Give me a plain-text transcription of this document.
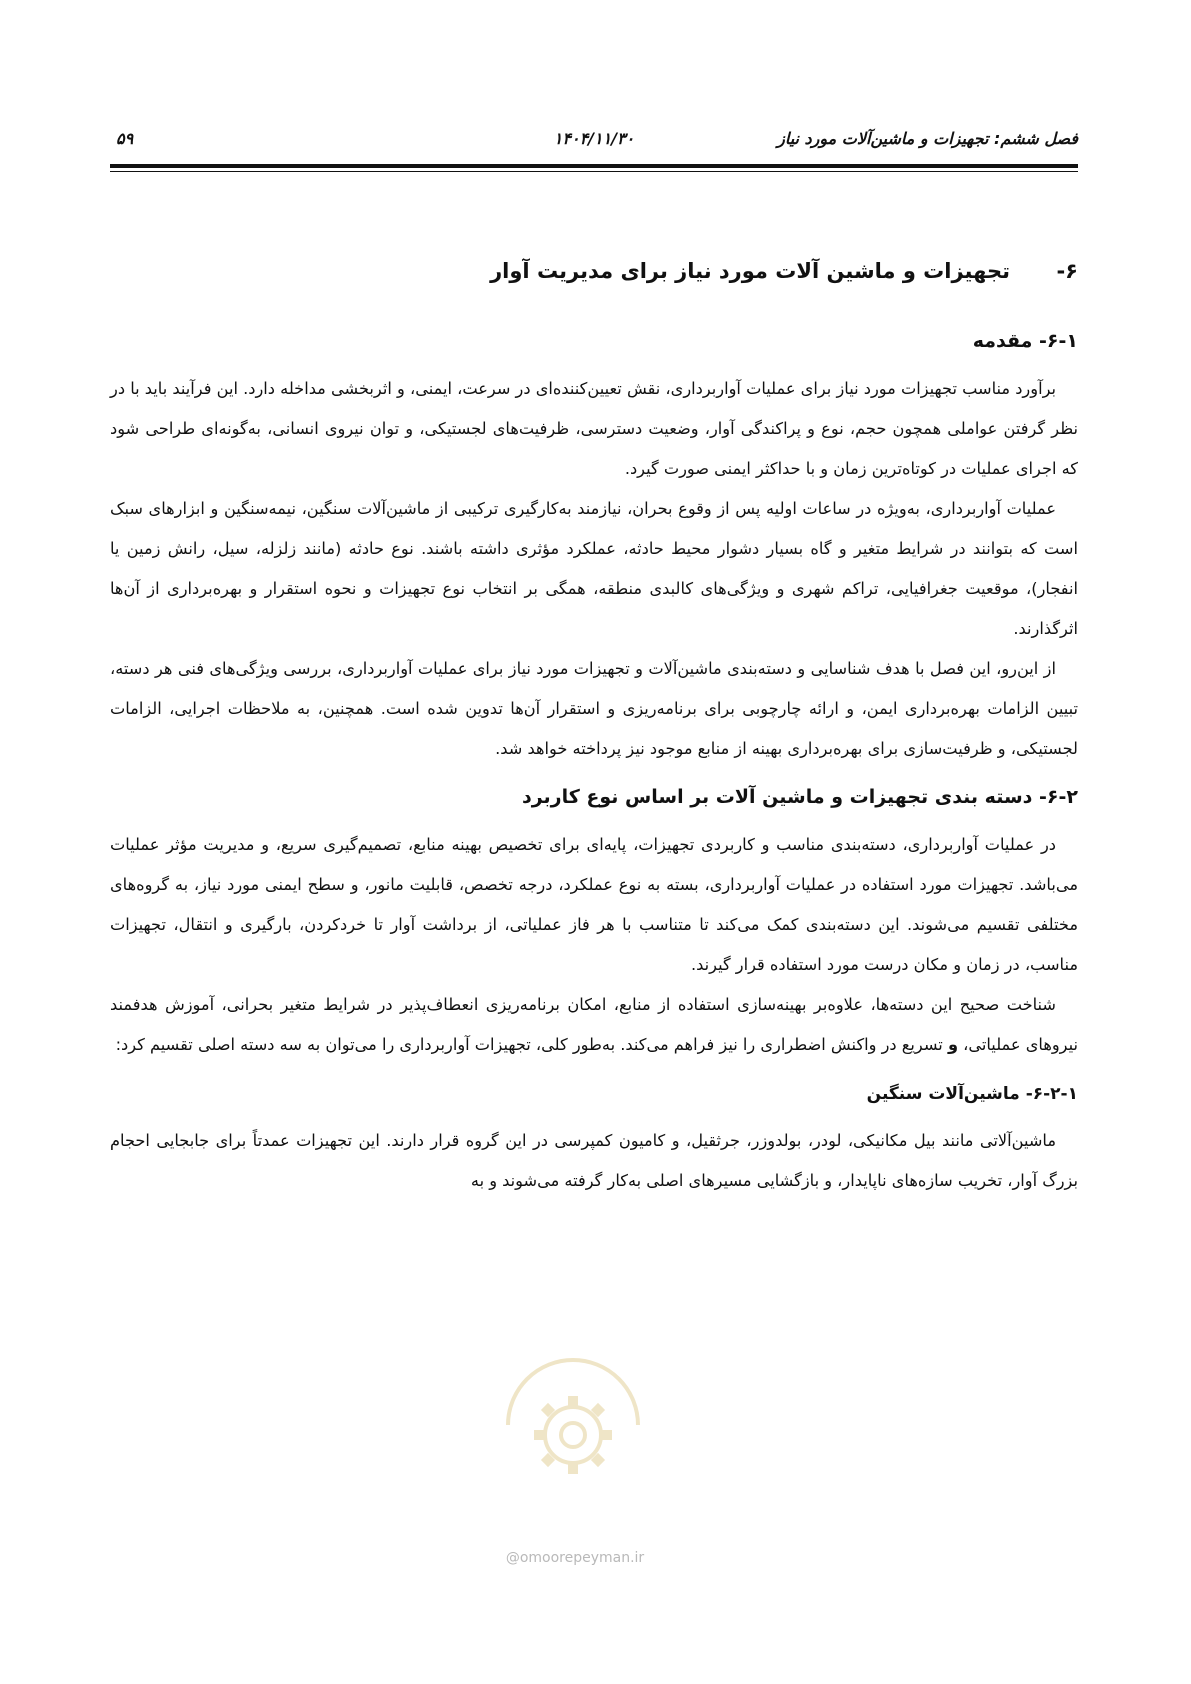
فصل ششم: تجهیزات و ماشین‌آلات مورد نیاز
۱۴۰۴/۱۱/۳۰
۵۹
۶-تجهیزات و ماشین آلات مورد نیاز برای مدیریت آوار
۶-۱- مقدمه

برآورد مناسب تجهیزات مورد نیاز برای عملیات آواربرداری، نقش تعیین‌کننده‌ای در سرعت، ایمنی، و اثربخشی مداخله دارد. این فرآیند باید با در نظر گرفتن عواملی همچون حجم، نوع و پراکندگی آوار، وضعیت دسترسی، ظرفیت‌های لجستیکی، و توان نیروی انسانی، به‌گونه‌ای طراحی شود که اجرای عملیات در کوتاه‌ترین زمان و با حداکثر ایمنی صورت گیرد.

عملیات آواربرداری، به‌ویژه در ساعات اولیه پس از وقوع بحران، نیازمند به‌کارگیری ترکیبی از ماشین‌آلات سنگین، نیمه‌سنگین و ابزارهای سبک است که بتوانند در شرایط متغیر و گاه بسیار دشوار محیط حادثه، عملکرد مؤثری داشته باشند. نوع حادثه (مانند زلزله، سیل، رانش زمین یا انفجار)، موقعیت جغرافیایی، تراکم شهری و ویژگی‌های کالبدی منطقه، همگی بر انتخاب نوع تجهیزات و نحوه استقرار و بهره‌برداری از آن‌ها اثرگذارند.

از این‌رو، این فصل با هدف شناسایی و دسته‌بندی ماشین‌آلات و تجهیزات مورد نیاز برای عملیات آواربرداری، بررسی ویژگی‌های فنی هر دسته، تبیین الزامات بهره‌برداری ایمن، و ارائه چارچوبی برای برنامه‌ریزی و استقرار آن‌ها تدوین شده است. همچنین، به ملاحظات اجرایی، الزامات لجستیکی، و ظرفیت‌سازی برای بهره‌برداری بهینه از منابع موجود نیز پرداخته خواهد شد.

۶-۲- دسته بندی تجهیزات و ماشین آلات بر اساس نوع کاربرد

در عملیات آواربرداری، دسته‌بندی مناسب و کاربردی تجهیزات، پایه‌ای برای تخصیص بهینه منابع، تصمیم‌گیری سریع، و مدیریت مؤثر عملیات می‌باشد. تجهیزات مورد استفاده در عملیات آواربرداری، بسته به نوع عملکرد، درجه تخصص، قابلیت مانور، و سطح ایمنی مورد نیاز، به گروه‌های مختلفی تقسیم می‌شوند. این دسته‌بندی کمک می‌کند تا متناسب با هر فاز عملیاتی، از برداشت آوار تا خردکردن، بارگیری و انتقال، تجهیزات مناسب، در زمان و مکان درست مورد استفاده قرار گیرند.

شناخت صحیح این دسته‌ها، علاوه‌بر بهینه‌سازی استفاده از منابع، امکان برنامه‌ریزی انعطاف‌پذیر در شرایط متغیر بحرانی، آموزش هدفمند نیروهای عملیاتی، و تسریع در واکنش اضطراری را نیز فراهم می‌کند. به‌طور کلی، تجهیزات آواربرداری را می‌توان به سه دسته اصلی تقسیم کرد:

۶-۲-۱- ماشین‌آلات سنگین

ماشین‌آلاتی مانند بیل مکانیکی، لودر، بولدوزر، جرثقیل، و کامیون کمپرسی در این گروه قرار دارند. این تجهیزات عمدتاً برای جابجایی احجام بزرگ آوار، تخریب سازه‌های ناپایدار، و بازگشایی مسیرهای اصلی به‌کار گرفته می‌شوند و به

@omoorepeyman.ir
